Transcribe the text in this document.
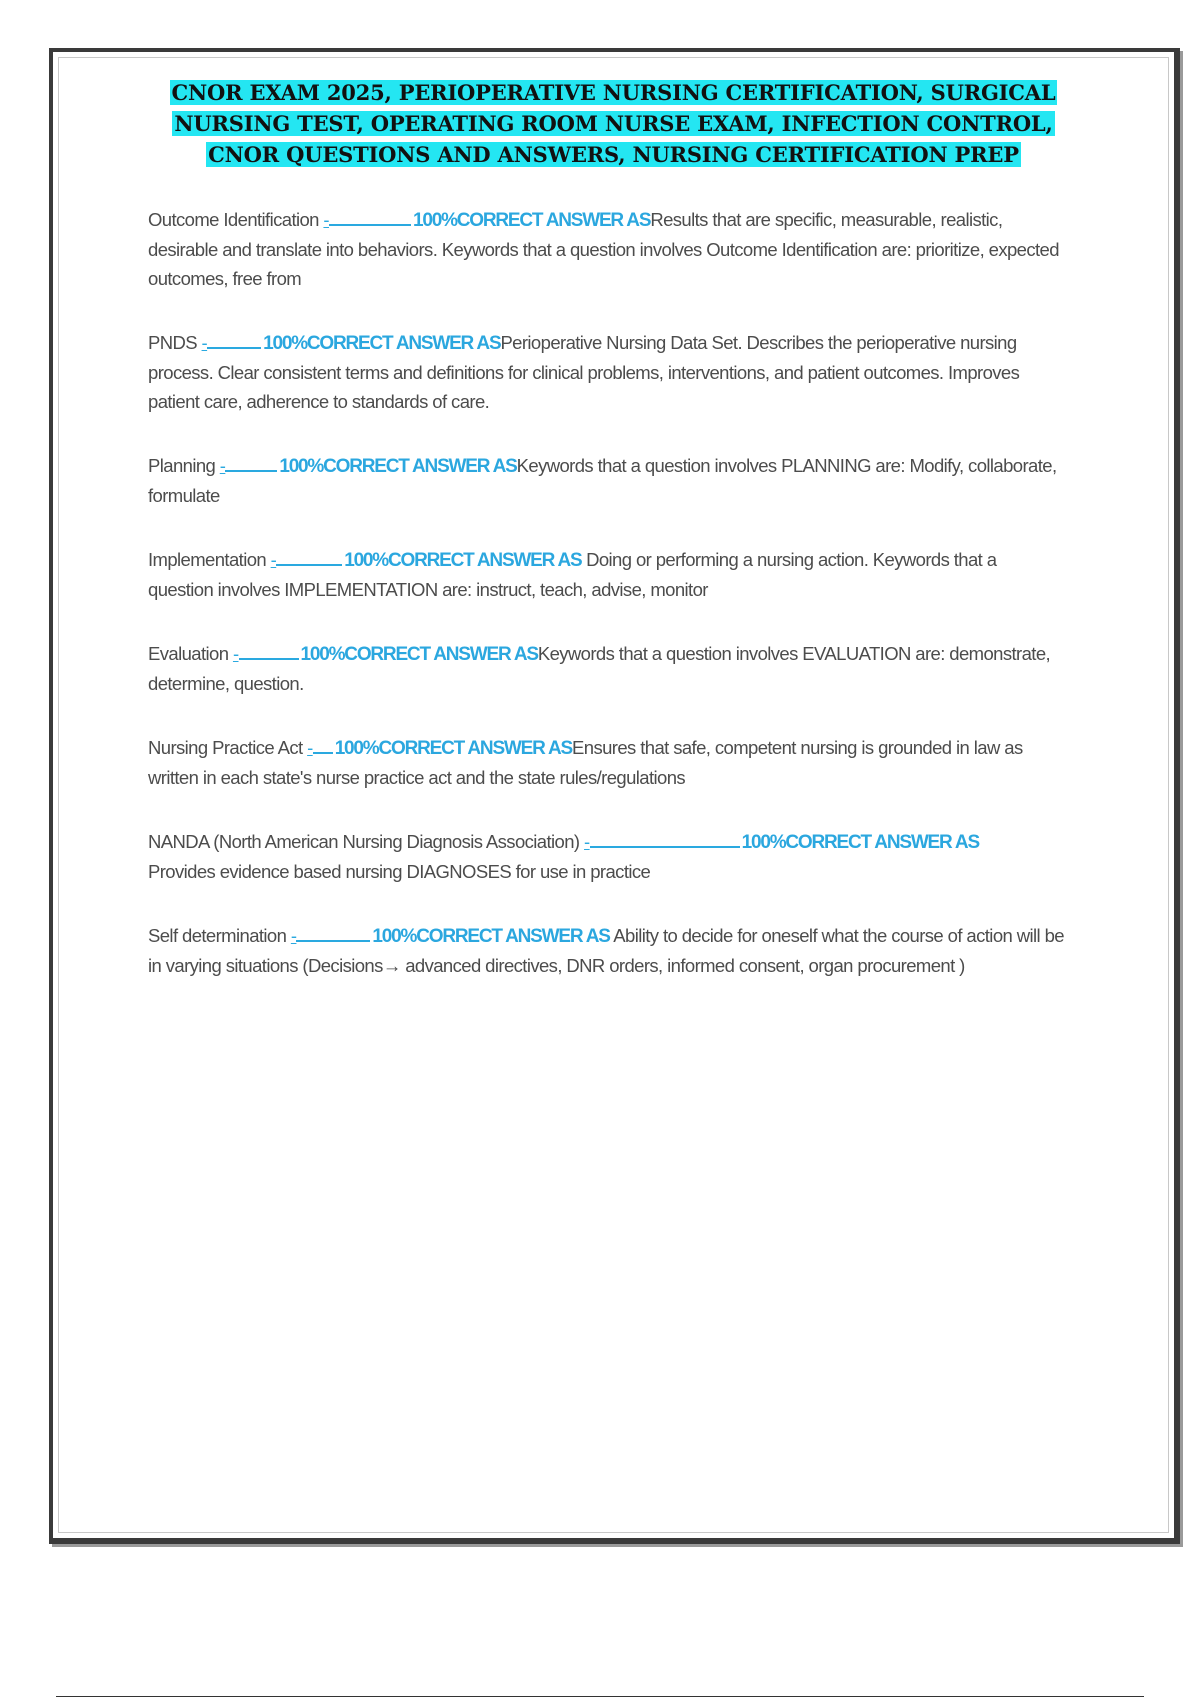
CNOR EXAM 2025, PERIOPERATIVE NURSING CERTIFICATION, SURGICAL NURSING TEST, OPERATING ROOM NURSE EXAM, INFECTION CONTROL, CNOR QUESTIONS AND ANSWERS, NURSING CERTIFICATION PREP
Outcome Identification -	100%CORRECT ANSWER ASResults that are specific, measurable, realistic, desirable and translate into behaviors. Keywords that a question involves Outcome Identification are: prioritize, expected outcomes, free from
PNDS -	100%CORRECT ANSWER ASPerioperative Nursing Data Set. Describes the perioperative nursing process. Clear consistent terms and definitions for clinical problems, interventions, and patient outcomes. Improves patient care, adherence to standards of care.
Planning -	100%CORRECT ANSWER ASKeywords that a question involves PLANNING are: Modify, collaborate, formulate
Implementation -	100%CORRECT ANSWER AS Doing or performing a nursing action. Keywords that a question involves IMPLEMENTATION are: instruct, teach, advise, monitor
Evaluation -	100%CORRECT ANSWER ASKeywords that a question involves EVALUATION are: demonstrate, determine, question.
Nursing Practice Act - 100%CORRECT ANSWER ASEnsures that safe, competent nursing is grounded in law as written in each state's nurse practice act and the state rules/regulations
NANDA (North American Nursing Diagnosis Association) -	100%CORRECT ANSWER AS
Provides evidence based nursing DIAGNOSES for use in practice
Self determination -	100%CORRECT ANSWER AS Ability to decide for oneself what the course of action will be in varying situations (Decisions→ advanced directives, DNR orders, informed consent, organ procurement )
